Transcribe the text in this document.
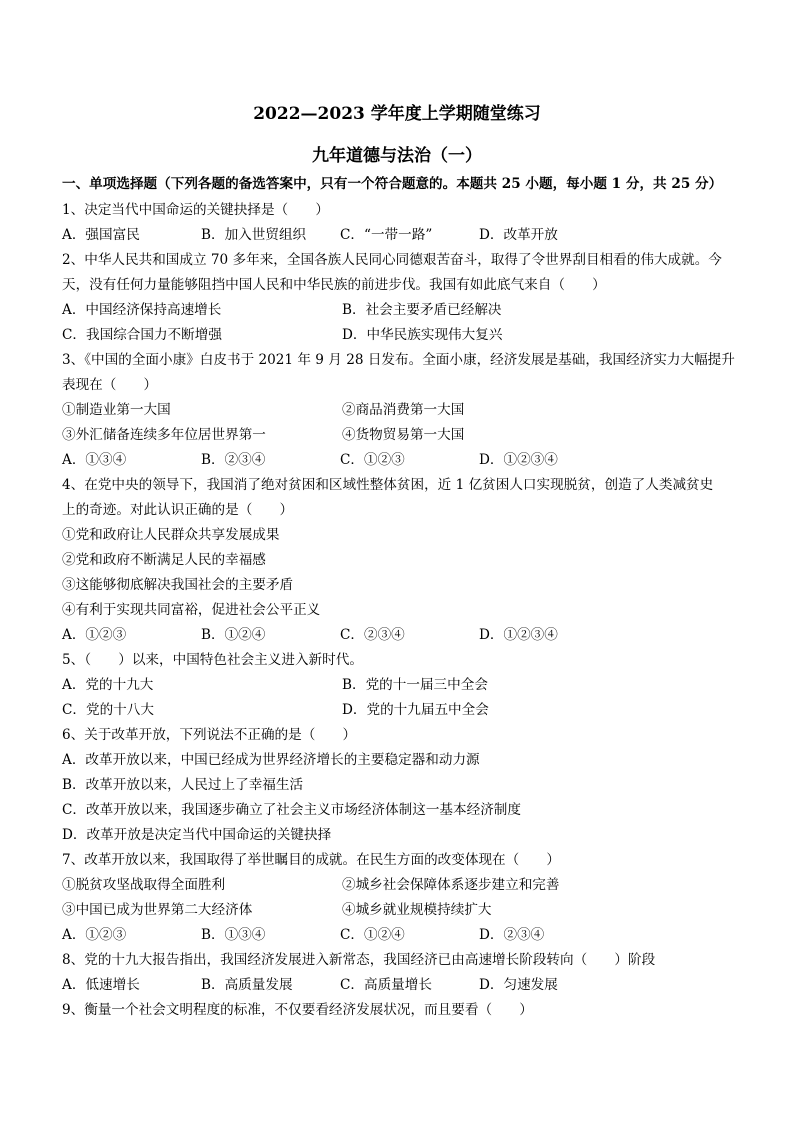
2022—2023 学年度上学期随堂练习
九年道德与法治（一）
一、单项选择题（下列各题的备选答案中，只有一个符合题意的。本题共 25 小题，每小题 1 分，共 25 分）
1、决定当代中国命运的关键抉择是（　　）
A．强国富民	B．加入世贸组织	C．“一带一路”	D．改革开放
2、中华人民共和国成立 70 多年来，全国各族人民同心同德艰苦奋斗，取得了令世界刮目相看的伟大成就。今
天，没有任何力量能够阻挡中国人民和中华民族的前进步伐。我国有如此底气来自（　　）
A．中国经济保持高速增长	B．社会主要矛盾已经解决
C．我国综合国力不断增强	D．中华民族实现伟大复兴
3、《中国的全面小康》白皮书于 2021 年 9 月 28 日发布。全面小康，经济发展是基础，我国经济实力大幅提升
表现在（　　）
①制造业第一大国	②商品消费第一大国
③外汇储备连续多年位居世界第一	④货物贸易第一大国
A．①③④	B．②③④	C．①②③	D．①②③④
4、在党中央的领导下，我国消了绝对贫困和区域性整体贫困，近 1 亿贫困人口实现脱贫，创造了人类减贫史
上的奇迹。对此认识正确的是（　　）
①党和政府让人民群众共享发展成果
②党和政府不断满足人民的幸福感
③这能够彻底解决我国社会的主要矛盾
④有利于实现共同富裕，促进社会公平正义
A．①②③	B．①②④	C．②③④	D．①②③④
5、（　　）以来，中国特色社会主义进入新时代。
A．党的十九大	B．党的十一届三中全会
C．党的十八大	D．党的十九届五中全会
6、关于改革开放，下列说法不正确的是（　　）
A．改革开放以来，中国已经成为世界经济增长的主要稳定器和动力源
B．改革开放以来，人民过上了幸福生活
C．改革开放以来，我国逐步确立了社会主义市场经济体制这一基本经济制度
D．改革开放是决定当代中国命运的关键抉择
7、改革开放以来，我国取得了举世瞩目的成就。在民生方面的改变体现在（　　）
①脱贫攻坚战取得全面胜利	②城乡社会保障体系逐步建立和完善
③中国已成为世界第二大经济体	④城乡就业规模持续扩大
A．①②③	B．①③④	C．①②④	D．②③④
8、党的十九大报告指出，我国经济发展进入新常态，我国经济已由高速增长阶段转向（　　）阶段
A．低速增长	B．高质量发展	C．高质量增长	D．匀速发展
9、衡量一个社会文明程度的标准，不仅要看经济发展状况，而且要看（　　）
